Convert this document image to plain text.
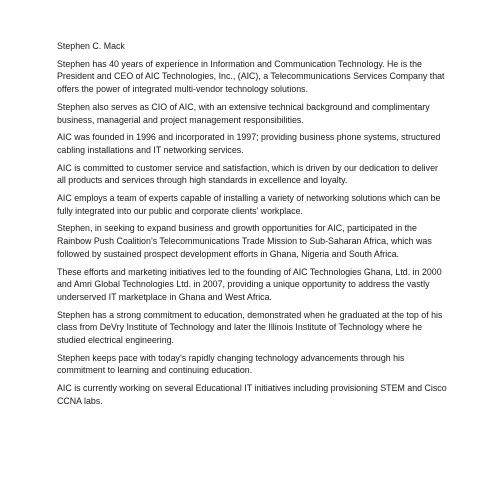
Stephen C. Mack

Stephen has 40 years of experience in Information and Communication Technology. He is the President and CEO of AIC Technologies, Inc., (AIC), a Telecommunications Services Company that offers the power of integrated multi-vendor technology solutions.

Stephen also serves as CIO of AIC, with an extensive technical background and complimentary business, managerial and project management responsibilities.

AIC was founded in 1996 and incorporated in 1997; providing business phone systems, structured cabling installations and IT networking services.

AIC is committed to customer service and satisfaction, which is driven by our dedication to deliver all products and services through high standards in excellence and loyalty.

AIC employs a team of experts capable of installing a variety of networking solutions which can be fully integrated into our public and corporate clients’ workplace.

Stephen, in seeking to expand business and growth opportunities for AIC, participated in the Rainbow Push Coalition’s Telecommunications Trade Mission to Sub-Saharan Africa, which was followed by sustained prospect development efforts in Ghana, Nigeria and South Africa.

These efforts and marketing initiatives led to the founding of AIC Technologies Ghana, Ltd. in 2000 and Amri Global Technologies Ltd. in 2007, providing a unique opportunity to address the vastly underserved IT marketplace in Ghana and West Africa.

Stephen has a strong commitment to education, demonstrated when he graduated at the top of his class from DeVry Institute of Technology and later the Illinois Institute of Technology where he studied electrical engineering.

Stephen keeps pace with today’s rapidly changing technology advancements through his commitment to learning and continuing education.

AIC is currently working on several Educational IT initiatives including provisioning STEM and Cisco CCNA labs.
